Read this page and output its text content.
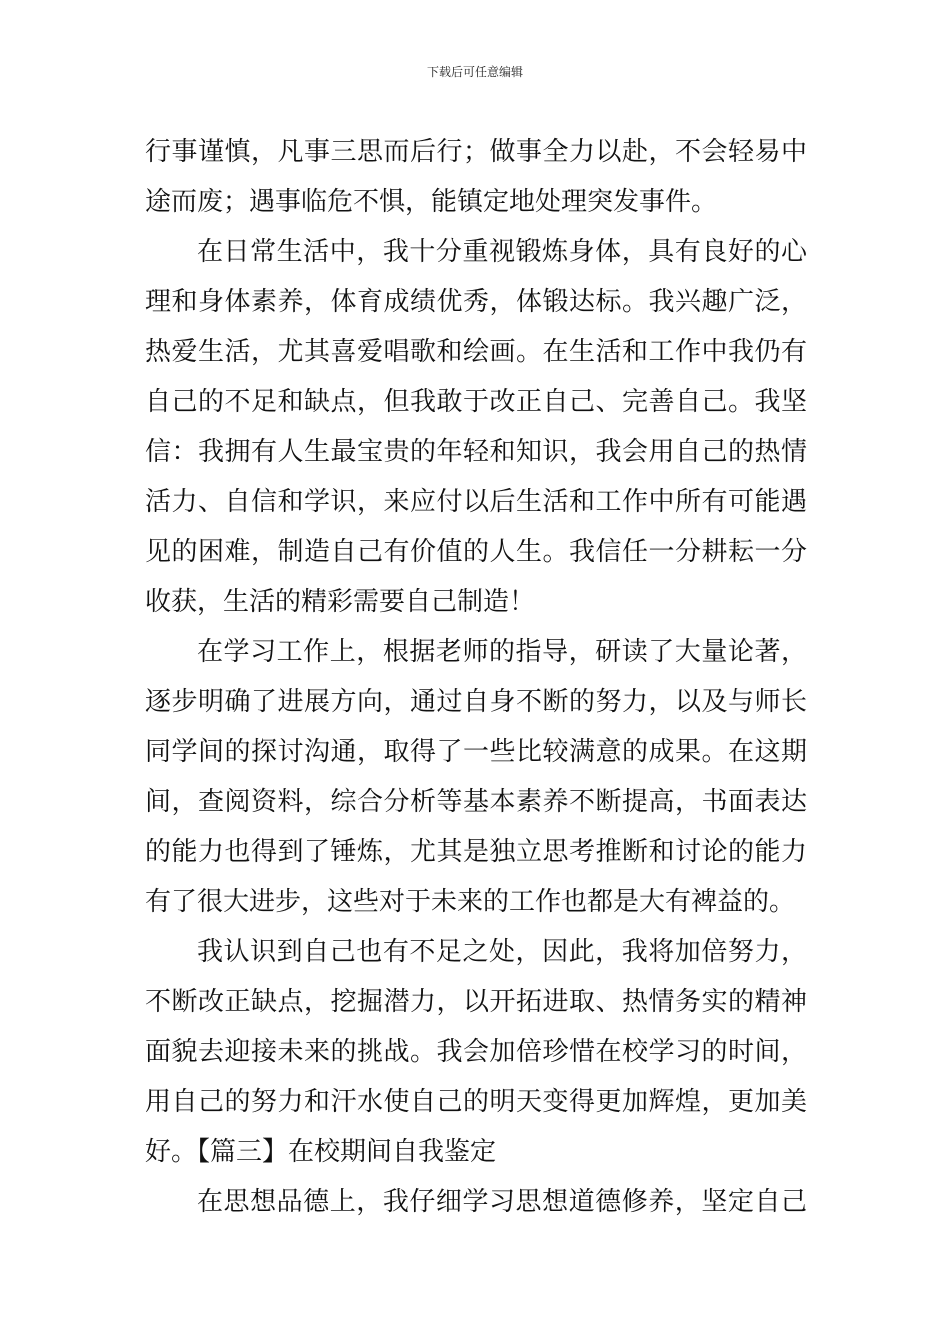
下载后可任意编辑
行事谨慎，凡事三思而后行；做事全力以赴，不会轻易中
途而废；遇事临危不惧，能镇定地处理突发事件。
在日常生活中，我十分重视锻炼身体，具有良好的心
理和身体素养，体育成绩优秀，体锻达标。我兴趣广泛，
热爱生活，尤其喜爱唱歌和绘画。在生活和工作中我仍有
自己的不足和缺点，但我敢于改正自己、完善自己。我坚
信：我拥有人生最宝贵的年轻和知识，我会用自己的热情
活力、自信和学识，来应付以后生活和工作中所有可能遇
见的困难，制造自己有价值的人生。我信任一分耕耘一分
收获，生活的精彩需要自己制造！
在学习工作上，根据老师的指导，研读了大量论著，
逐步明确了进展方向，通过自身不断的努力，以及与师长
同学间的探讨沟通，取得了一些比较满意的成果。在这期
间，查阅资料，综合分析等基本素养不断提高，书面表达
的能力也得到了锤炼，尤其是独立思考推断和讨论的能力
有了很大进步，这些对于未来的工作也都是大有裨益的。
我认识到自己也有不足之处，因此，我将加倍努力，
不断改正缺点，挖掘潜力，以开拓进取、热情务实的精神
面貌去迎接未来的挑战。我会加倍珍惜在校学习的时间，
用自己的努力和汗水使自己的明天变得更加辉煌，更加美
好。【篇三】在校期间自我鉴定
在思想品德上，我仔细学习思想道德修养，坚定自己
